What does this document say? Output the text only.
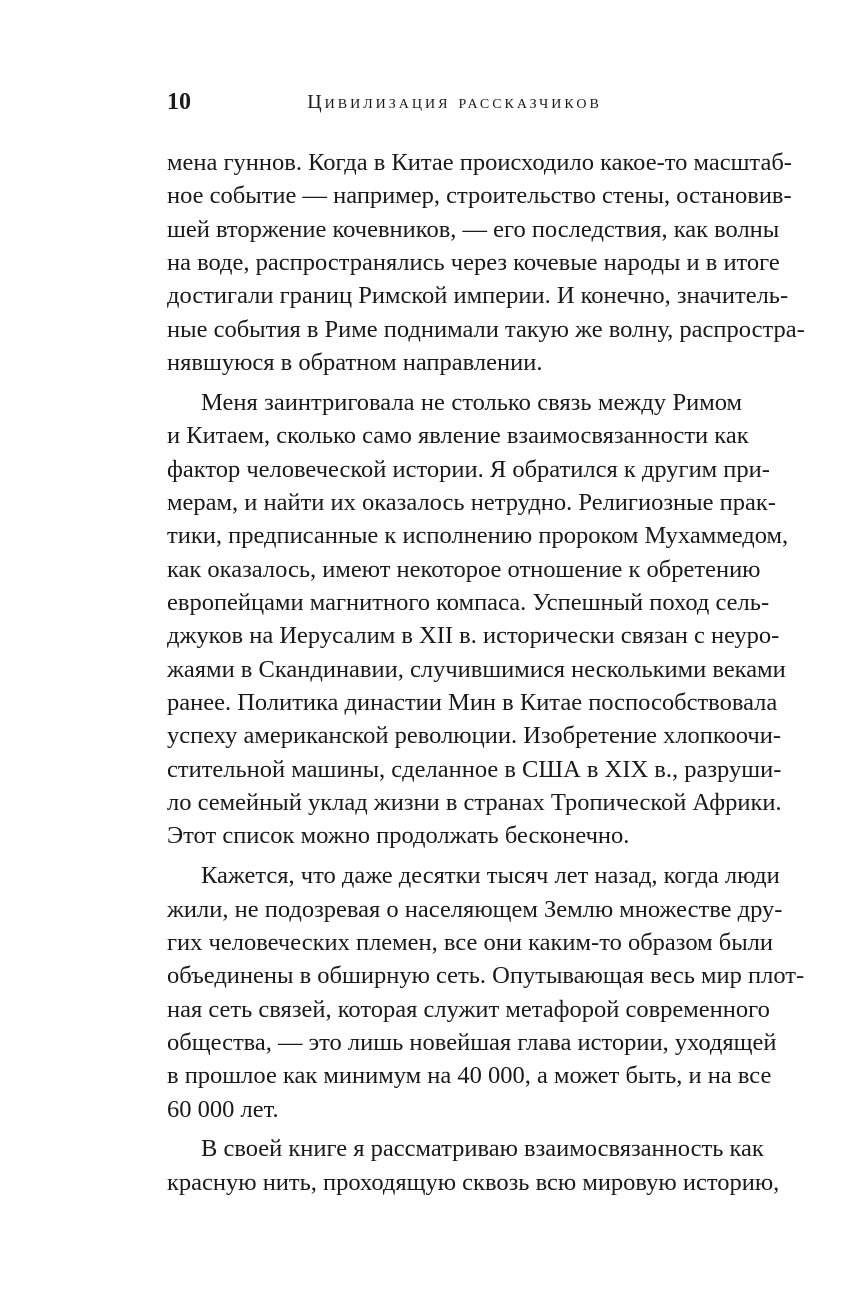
10	Цивилизация рассказчиков
мена гуннов. Когда в Китае происходило какое-то масштаб-
ное событие — например, строительство стены, остановив-
шей вторжение кочевников, — его последствия, как волны
на воде, распространялись через кочевые народы и в итоге
достигали границ Римской империи. И конечно, значитель-
ные события в Риме поднимали такую же волну, распростра-
нявшуюся в обратном направлении.
Меня заинтриговала не столько связь между Римом
и Китаем, сколько само явление взаимосвязанности как
фактор человеческой истории. Я обратился к другим при-
мерам, и найти их оказалось нетрудно. Религиозные прак-
тики, предписанные к исполнению пророком Мухаммедом,
как оказалось, имеют некоторое отношение к обретению
европейцами магнитного компаса. Успешный поход сель-
джуков на Иерусалим в XII в. исторически связан с неуро-
жаями в Скандинавии, случившимися несколькими веками
ранее. Политика династии Мин в Китае поспособствовала
успеху американской революции. Изобретение хлопкоочи-
стительной машины, сделанное в США в XIX в., разруши-
ло семейный уклад жизни в странах Тропической Африки.
Этот список можно продолжать бесконечно.
Кажется, что даже десятки тысяч лет назад, когда люди
жили, не подозревая о населяющем Землю множестве дру-
гих человеческих племен, все они каким-то образом были
объединены в обширную сеть. Опутывающая весь мир плот-
ная сеть связей, которая служит метафорой современного
общества, — это лишь новейшая глава истории, уходящей
в прошлое как минимум на 40 000, а может быть, и на все
60 000 лет.
В своей книге я рассматриваю взаимосвязанность как
красную нить, проходящую сквозь всю мировую историю,
